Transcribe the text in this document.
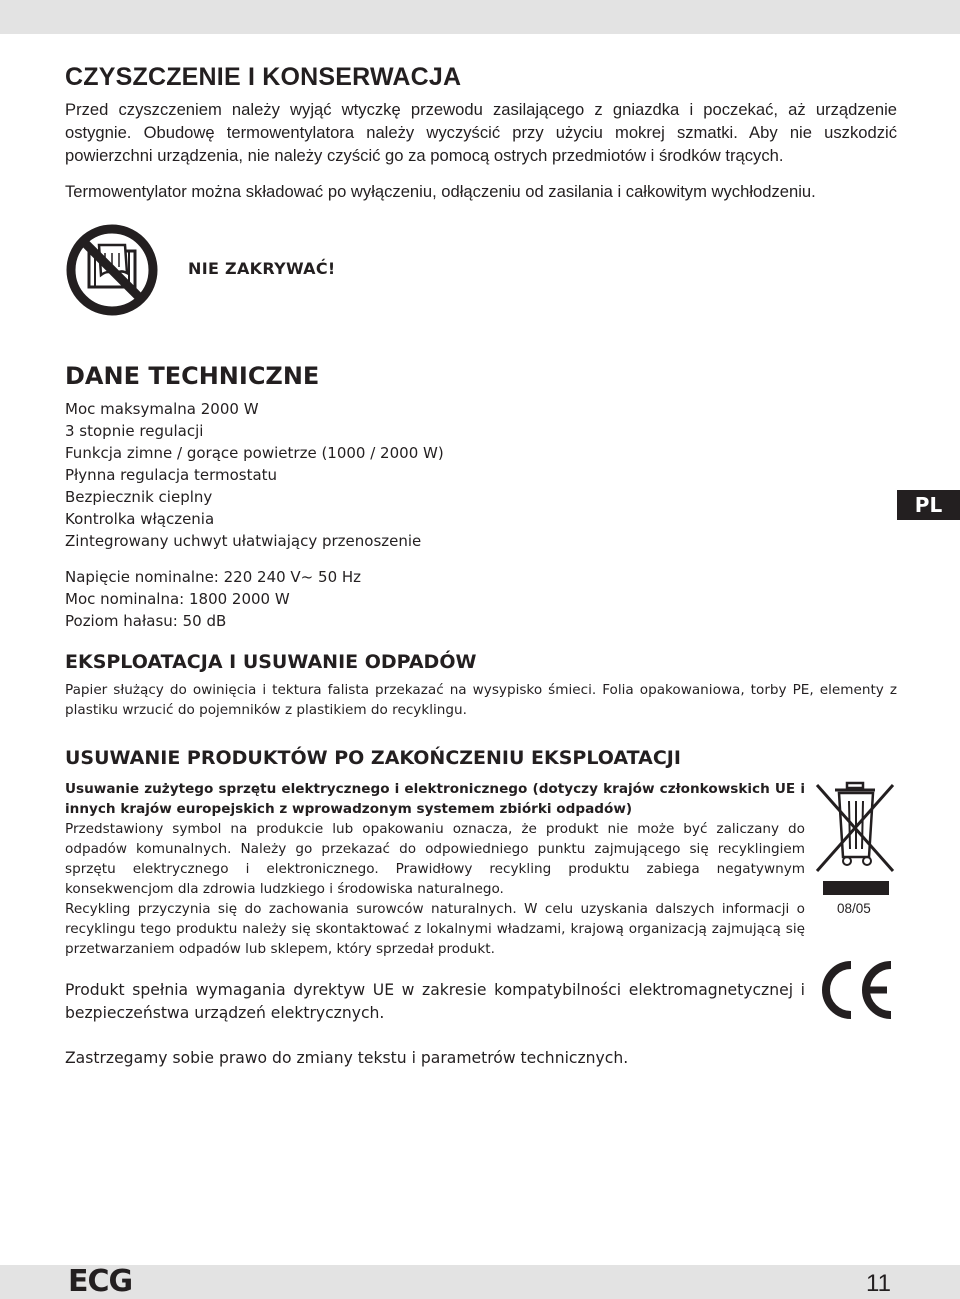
CZYSZCZENIE I KONSERWACJA

Przed czyszczeniem należy wyjąć wtyczkę przewodu zasilającego z gniazdka i poczekać, aż urządzenie ostygnie. Obudowę termowentylatora należy wyczyścić przy użyciu mokrej szmatki. Aby nie uszkodzić powierzchni urządzenia, nie należy czyścić go za pomocą ostrych przedmiotów i środków trących.

Termowentylator można składować po wyłączeniu, odłączeniu od zasilania i całkowitym wychłodzeniu.

NIE ZAKRYWAĆ!
DANE TECHNICZNE
Moc maksymalna 2000 W
3 stopnie regulacji
Funkcja zimne / gorące powietrze (1000 / 2000 W)
Płynna regulacja termostatu
Bezpiecznik cieplny
Kontrolka włączenia
Zintegrowany uchwyt ułatwiający przenoszenie
Napięcie nominalne: 220 240 V~ 50 Hz
Moc nominalna: 1800 2000 W
Poziom hałasu: 50 dB
EKSPLOATACJA I USUWANIE ODPADÓW

Papier służący do owinięcia i tektura falista przekazać na wysypisko śmieci. Folia opakowaniowa, torby PE, elementy z plastiku wrzucić do pojemników z plastikiem do recyklingu.

USUWANIE PRODUKTÓW PO ZAKOŃCZENIU EKSPLOATACJI

Usuwanie zużytego sprzętu elektrycznego i elektronicznego (dotyczy krajów członkowskich UE i innych krajów europejskich z wprowadzonym systemem zbiórki odpadów)

Przedstawiony symbol na produkcie lub opakowaniu oznacza, że produkt nie może być zaliczany do odpadów komunalnych. Należy go przekazać do odpowiedniego punktu zajmującego się recyklingiem sprzętu elektrycznego i elektronicznego. Prawidłowy recykling produktu zabiega negatywnym konsekwencjom dla zdrowia ludzkiego i środowiska naturalnego.

Recykling przyczynia się do zachowania surowców naturalnych. W celu uzyskania dalszych informacji o recyklingu tego produktu należy się skontaktować z lokalnymi władzami, krajową organizacją zajmującą się przetwarzaniem odpadów lub sklepem, który sprzedał produkt.

08/05

Produkt spełnia wymagania dyrektyw UE w zakresie kompatybilności elektromagnetycznej i bezpieczeństwa urządzeń elektrycznych.

Zastrzegamy sobie prawo do zmiany tekstu i parametrów technicznych.

PL
ECG	11
